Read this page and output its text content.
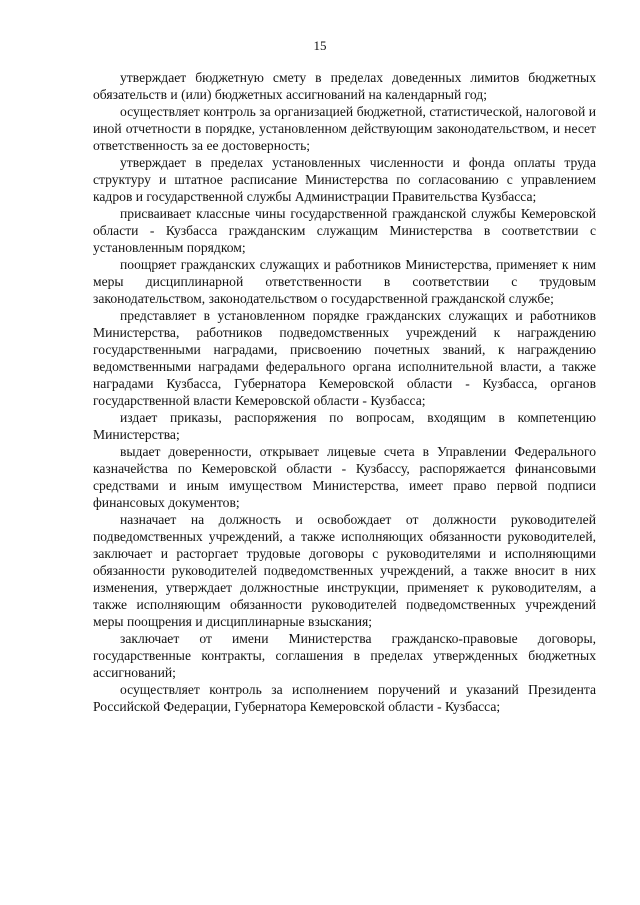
15

утверждает бюджетную смету в пределах доведенных лимитов бюджетных обязательств и (или) бюджетных ассигнований на календарный год;

осуществляет контроль за организацией бюджетной, статистической, налоговой и иной отчетности в порядке, установленном действующим законодательством, и несет ответственность за ее достоверность;

утверждает в пределах установленных численности и фонда оплаты труда структуру и штатное расписание Министерства по согласованию с управлением кадров и государственной службы Администрации Правительства Кузбасса;

присваивает классные чины государственной гражданской службы Кемеровской области - Кузбасса гражданским служащим Министерства в соответствии с установленным порядком;

поощряет гражданских служащих и работников Министерства, применяет к ним меры дисциплинарной ответственности в соответствии с трудовым законодательством, законодательством о государственной гражданской службе;

представляет в установленном порядке гражданских служащих и работников Министерства, работников подведомственных учреждений к награждению государственными наградами, присвоению почетных званий, к награждению ведомственными наградами федерального органа исполнительной власти, а также наградами Кузбасса, Губернатора Кемеровской области - Кузбасса, органов государственной власти Кемеровской области - Кузбасса;

издает приказы, распоряжения по вопросам, входящим в компетенцию Министерства;

выдает доверенности, открывает лицевые счета в Управлении Федерального казначейства по Кемеровской области - Кузбассу, распоряжается финансовыми средствами и иным имуществом Министерства, имеет право первой подписи финансовых документов;

назначает на должность и освобождает от должности руководителей подведомственных учреждений, а также исполняющих обязанности руководителей, заключает и расторгает трудовые договоры с руководителями и исполняющими обязанности руководителей подведомственных учреждений, а также вносит в них изменения, утверждает должностные инструкции, применяет к руководителям, а также исполняющим обязанности руководителей подведомственных учреждений меры поощрения и дисциплинарные взыскания;

заключает от имени Министерства гражданско-правовые договоры, государственные контракты, соглашения в пределах утвержденных бюджетных ассигнований;

осуществляет контроль за исполнением поручений и указаний Президента Российской Федерации, Губернатора Кемеровской области - Кузбасса;
